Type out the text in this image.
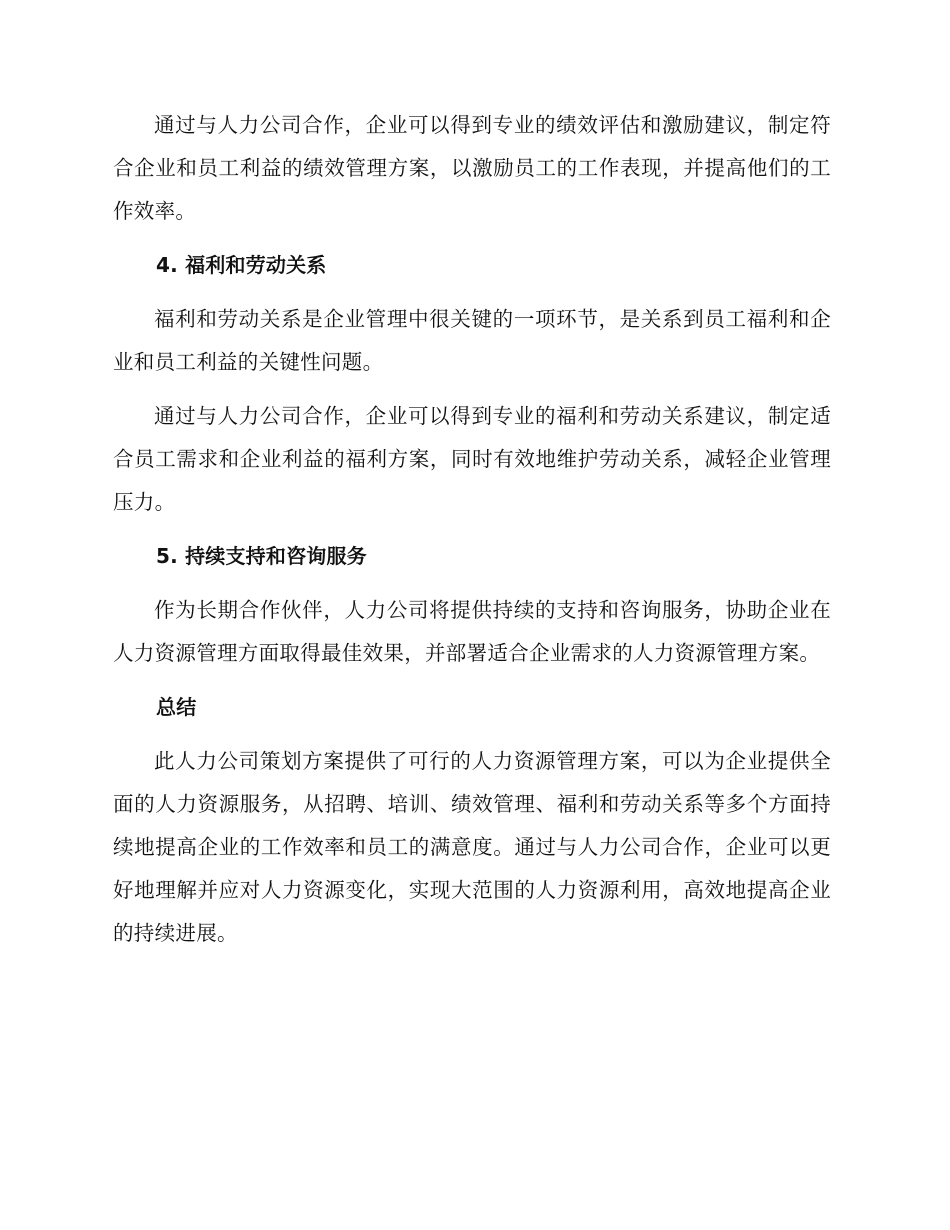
通过与人力公司合作，企业可以得到专业的绩效评估和激励建议，制定符合企业和员工利益的绩效管理方案，以激励员工的工作表现，并提高他们的工作效率。

4. 福利和劳动关系

福利和劳动关系是企业管理中很关键的一项环节，是关系到员工福利和企业和员工利益的关键性问题。

通过与人力公司合作，企业可以得到专业的福利和劳动关系建议，制定适合员工需求和企业利益的福利方案，同时有效地维护劳动关系，减轻企业管理压力。

5. 持续支持和咨询服务

作为长期合作伙伴，人力公司将提供持续的支持和咨询服务，协助企业在人力资源管理方面取得最佳效果，并部署适合企业需求的人力资源管理方案。

总结

此人力公司策划方案提供了可行的人力资源管理方案，可以为企业提供全面的人力资源服务，从招聘、培训、绩效管理、福利和劳动关系等多个方面持续地提高企业的工作效率和员工的满意度。通过与人力公司合作，企业可以更好地理解并应对人力资源变化，实现大范围的人力资源利用，高效地提高企业的持续进展。
